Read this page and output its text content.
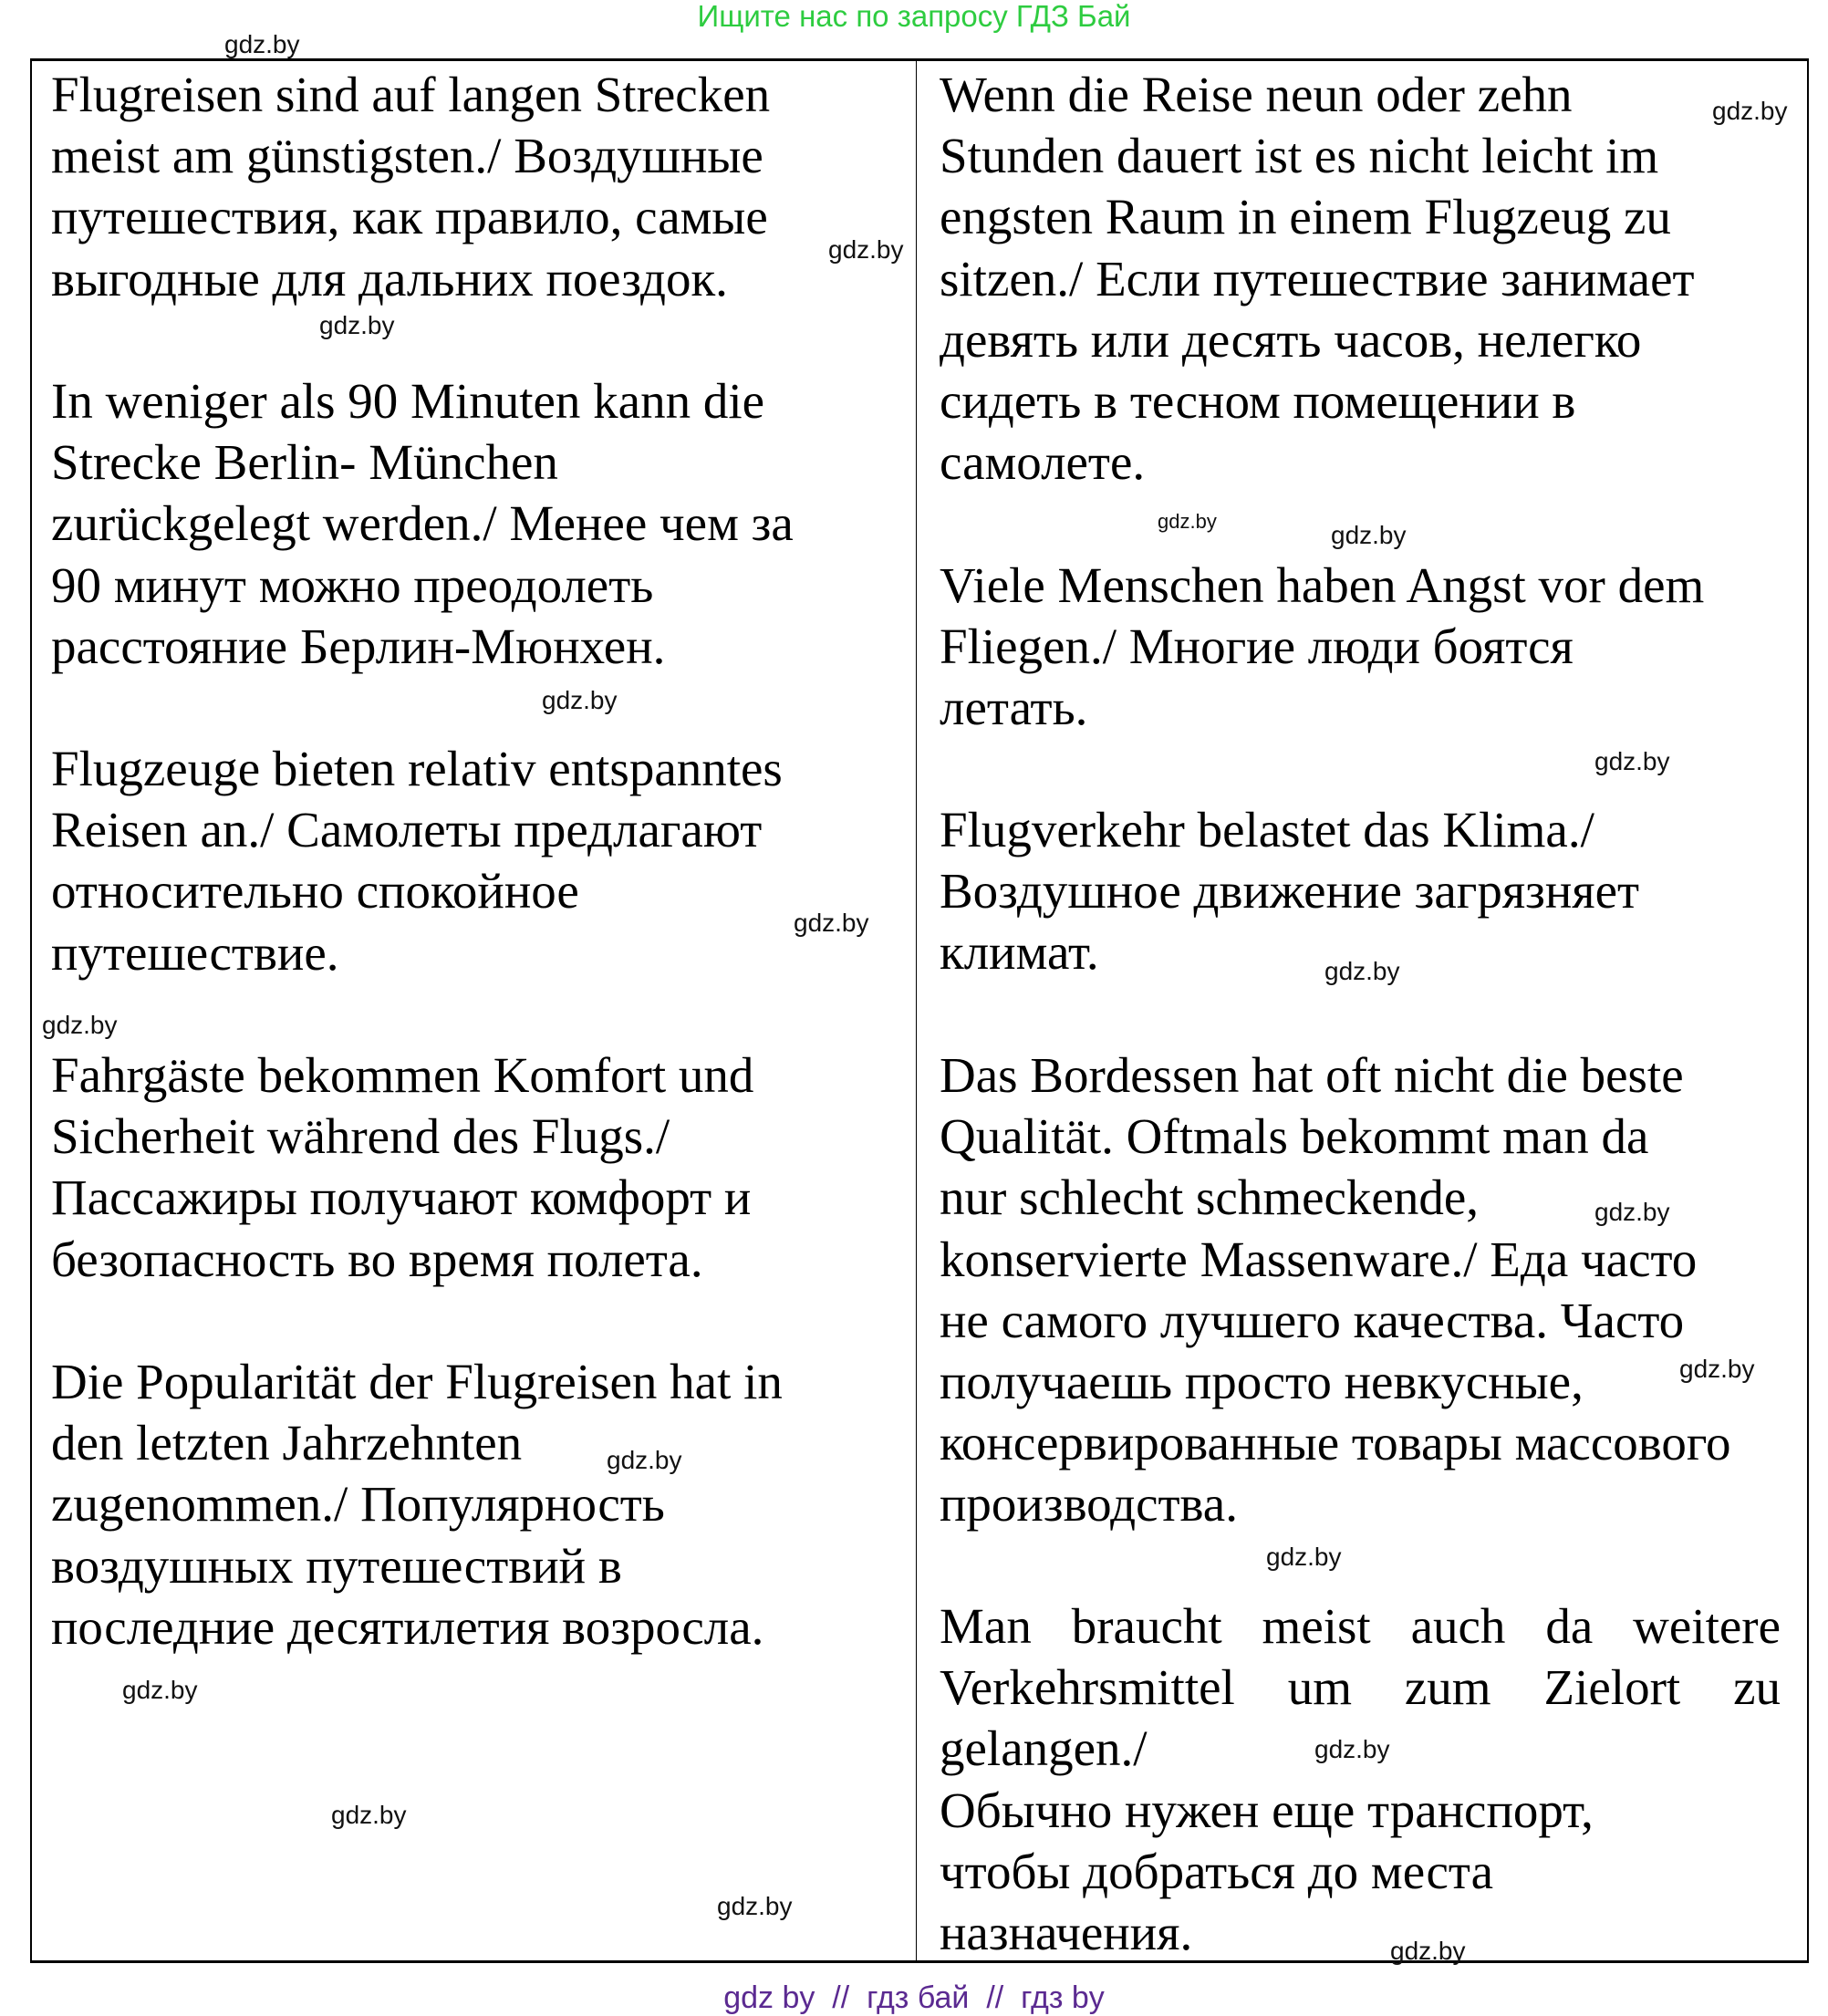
Ищите нас по запросу ГДЗ Бай
Flugreisen sind auf langen Strecken
meist am günstigsten./ Воздушные
путешествия, как правило, самые
выгодные для дальних поездок.
In weniger als 90 Minuten kann die
Strecke Berlin- München
zurückgelegt werden./ Менее чем за
90 минут можно преодолеть
расстояние Берлин-Мюнхен.
Flugzeuge bieten relativ entspanntes
Reisen an./ Самолеты предлагают
относительно спокойное
путешествие.
Fahrgäste bekommen Komfort und
Sicherheit während des Flugs./
Пассажиры получают комфорт и
безопасность во время полета.
Die Popularität der Flugreisen hat in
den letzten Jahrzehnten
zugenommen./ Популярность
воздушных путешествий в
последние десятилетия возросла.
Wenn die Reise neun oder zehn
Stunden dauert ist es nicht leicht im
engsten Raum in einem Flugzeug zu
sitzen./ Если путешествие занимает
девять или десять часов, нелегко
сидеть в тесном помещении в
самолете.
Viele Menschen haben Angst vor dem
Fliegen./ Многие люди боятся
летать.
Flugverkehr belastet das Klima./
Воздушное движение загрязняет
климат.
Das Bordessen hat oft nicht die beste
Qualität. Oftmals bekommt man da
nur schlecht schmeckende,
konservierte Massenware./ Еда часто
не самого лучшего качества. Часто
получаешь просто невкусные,
консервированные товары массового
производства.
Man braucht meist auch da weitere
Verkehrsmittel um zum Zielort zu
gelangen./
Обычно нужен еще транспорт,
чтобы добраться до места
назначения.
gdz.by
gdz.by
gdz.by
gdz.by
gdz.by
gdz.by
gdz.by
gdz.by
gdz.by
gdz.by
gdz.by
gdz.by	gdz.by
gdz.by
gdz.by
gdz.by
gdz.by
gdz.by
gdz.by
gdz.by
gdz by  //  гдз бай  //  гдз by
